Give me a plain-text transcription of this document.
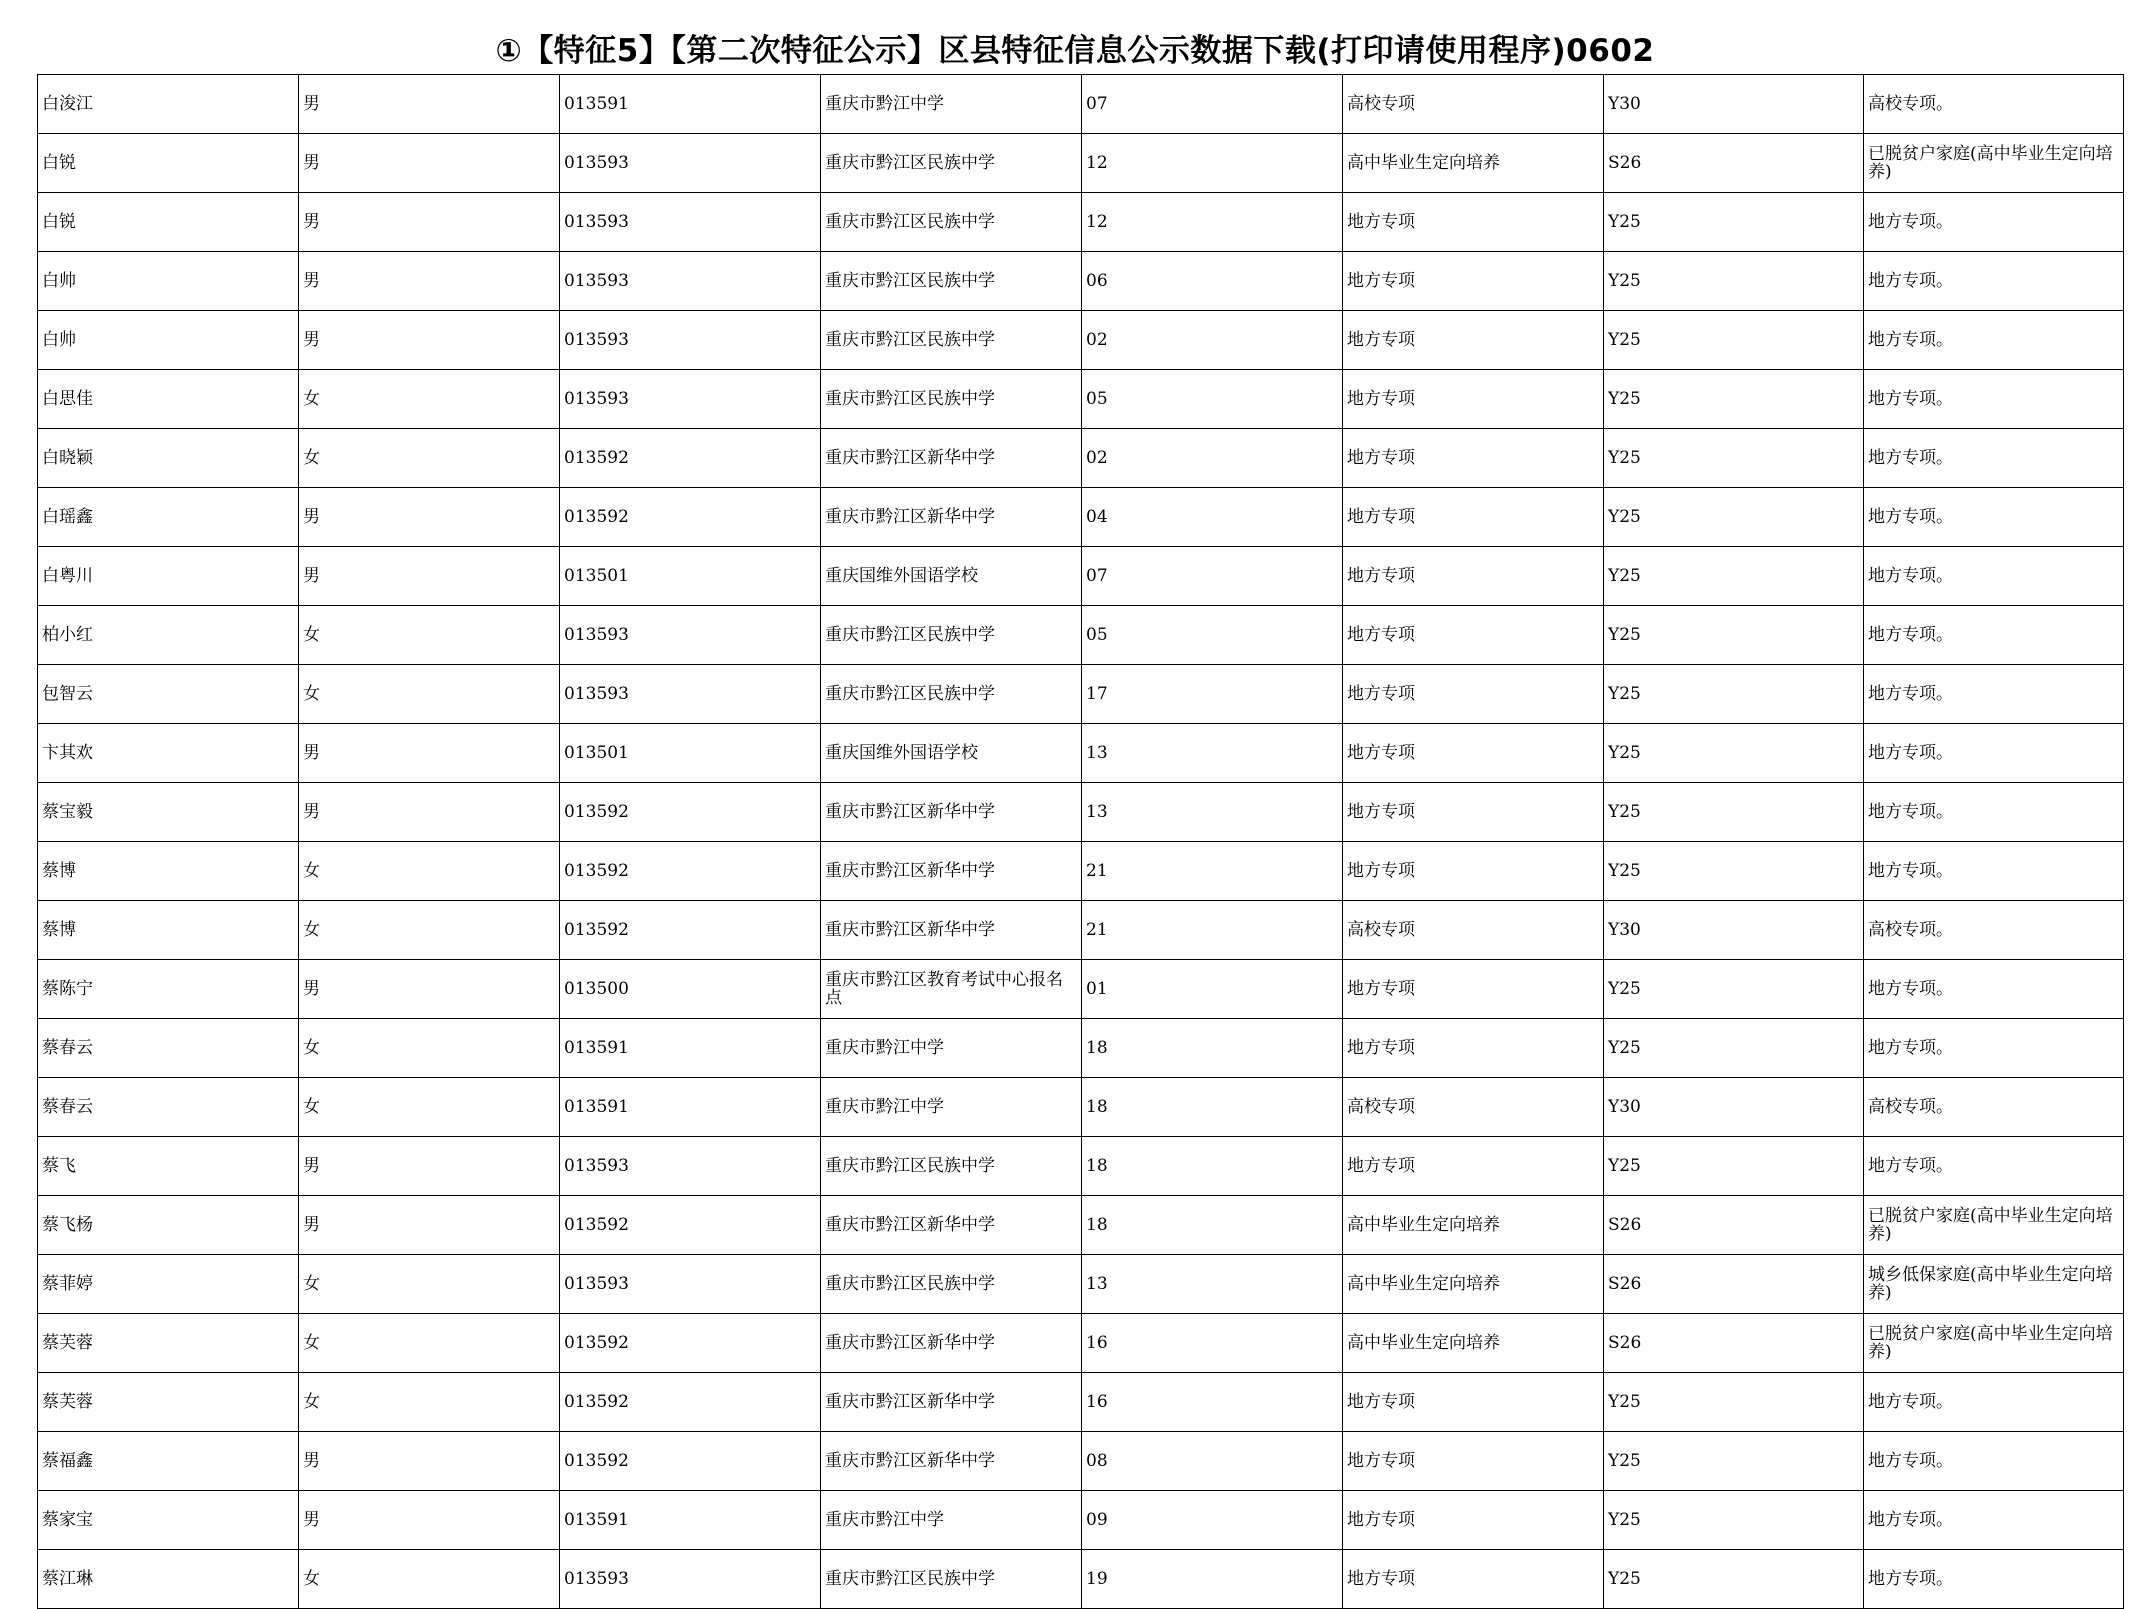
①【特征5】【第二次特征公示】区县特征信息公示数据下载(打印请使用程序)0602
白浚江	男	013591	重庆市黔江中学	07	高校专项	Y30	高校专项。
白锐	男	013593	重庆市黔江区民族中学	12	高中毕业生定向培养	S26	已脱贫户家庭(高中毕业生定向培养)
白锐	男	013593	重庆市黔江区民族中学	12	地方专项	Y25	地方专项。
白帅	男	013593	重庆市黔江区民族中学	06	地方专项	Y25	地方专项。
白帅	男	013593	重庆市黔江区民族中学	02	地方专项	Y25	地方专项。
白思佳	女	013593	重庆市黔江区民族中学	05	地方专项	Y25	地方专项。
白晓颖	女	013592	重庆市黔江区新华中学	02	地方专项	Y25	地方专项。
白瑶鑫	男	013592	重庆市黔江区新华中学	04	地方专项	Y25	地方专项。
白粤川	男	013501	重庆国维外国语学校	07	地方专项	Y25	地方专项。
柏小红	女	013593	重庆市黔江区民族中学	05	地方专项	Y25	地方专项。
包智云	女	013593	重庆市黔江区民族中学	17	地方专项	Y25	地方专项。
卞其欢	男	013501	重庆国维外国语学校	13	地方专项	Y25	地方专项。
蔡宝毅	男	013592	重庆市黔江区新华中学	13	地方专项	Y25	地方专项。
蔡博	女	013592	重庆市黔江区新华中学	21	地方专项	Y25	地方专项。
蔡博	女	013592	重庆市黔江区新华中学	21	高校专项	Y30	高校专项。
蔡陈宁	男	013500	重庆市黔江区教育考试中心报名点	01	地方专项	Y25	地方专项。
蔡春云	女	013591	重庆市黔江中学	18	地方专项	Y25	地方专项。
蔡春云	女	013591	重庆市黔江中学	18	高校专项	Y30	高校专项。
蔡飞	男	013593	重庆市黔江区民族中学	18	地方专项	Y25	地方专项。
蔡飞杨	男	013592	重庆市黔江区新华中学	18	高中毕业生定向培养	S26	已脱贫户家庭(高中毕业生定向培养)
蔡菲婷	女	013593	重庆市黔江区民族中学	13	高中毕业生定向培养	S26	城乡低保家庭(高中毕业生定向培养)
蔡芙蓉	女	013592	重庆市黔江区新华中学	16	高中毕业生定向培养	S26	已脱贫户家庭(高中毕业生定向培养)
蔡芙蓉	女	013592	重庆市黔江区新华中学	16	地方专项	Y25	地方专项。
蔡福鑫	男	013592	重庆市黔江区新华中学	08	地方专项	Y25	地方专项。
蔡家宝	男	013591	重庆市黔江中学	09	地方专项	Y25	地方专项。
蔡江琳	女	013593	重庆市黔江区民族中学	19	地方专项	Y25	地方专项。
